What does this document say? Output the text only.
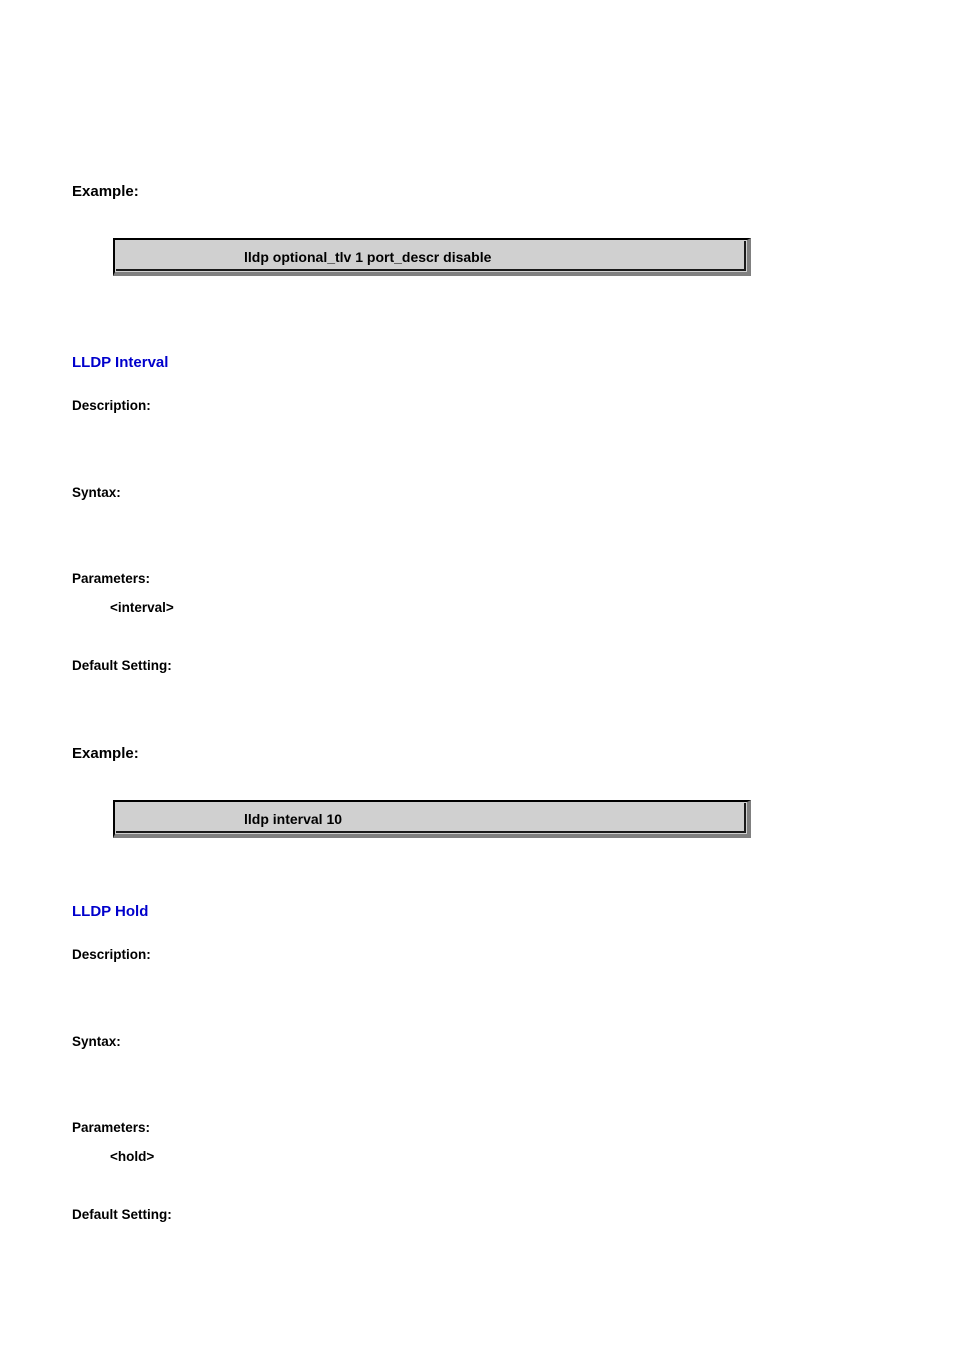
Example:
lldp optional_tlv 1 port_descr disable
LLDP Interval
Description:
Syntax:
Parameters:
<interval>
Default Setting:
Example:
lldp interval 10
LLDP Hold
Description:
Syntax:
Parameters:
<hold>
Default Setting:
